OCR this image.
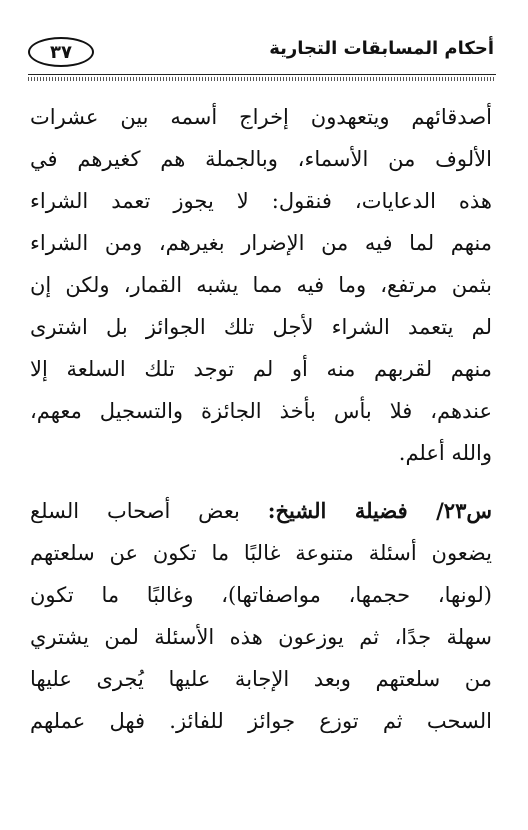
أحكام المسابقات التجارية
٣٧
أصدقائهم ويتعهدون إخراج أسمه بين عشرات
الألوف من الأسماء، وبالجملة هم كغيرهم في
هذه الدعايات، فنقول: لا يجوز تعمد الشراء
منهم لما فيه من الإضرار بغيرهم، ومن الشراء
بثمن مرتفع، وما فيه مما يشبه القمار، ولكن إن
لم يتعمد الشراء لأجل تلك الجوائز بل اشترى
منهم لقربهم منه أو لم توجد تلك السلعة إلا
عندهم، فلا بأس بأخذ الجائزة والتسجيل معهم،
والله أعلم.
س٢٣/ فضيلة الشيخ: بعض أصحاب السلع
يضعون أسئلة متنوعة غالبًا ما تكون عن سلعتهم
(لونها، حجمها، مواصفاتها)، وغالبًا ما تكون
سهلة جدًا، ثم يوزعون هذه الأسئلة لمن يشتري
من سلعتهم وبعد الإجابة عليها يُجرى عليها
السحب ثم توزع جوائز للفائز. فهل عملهم
